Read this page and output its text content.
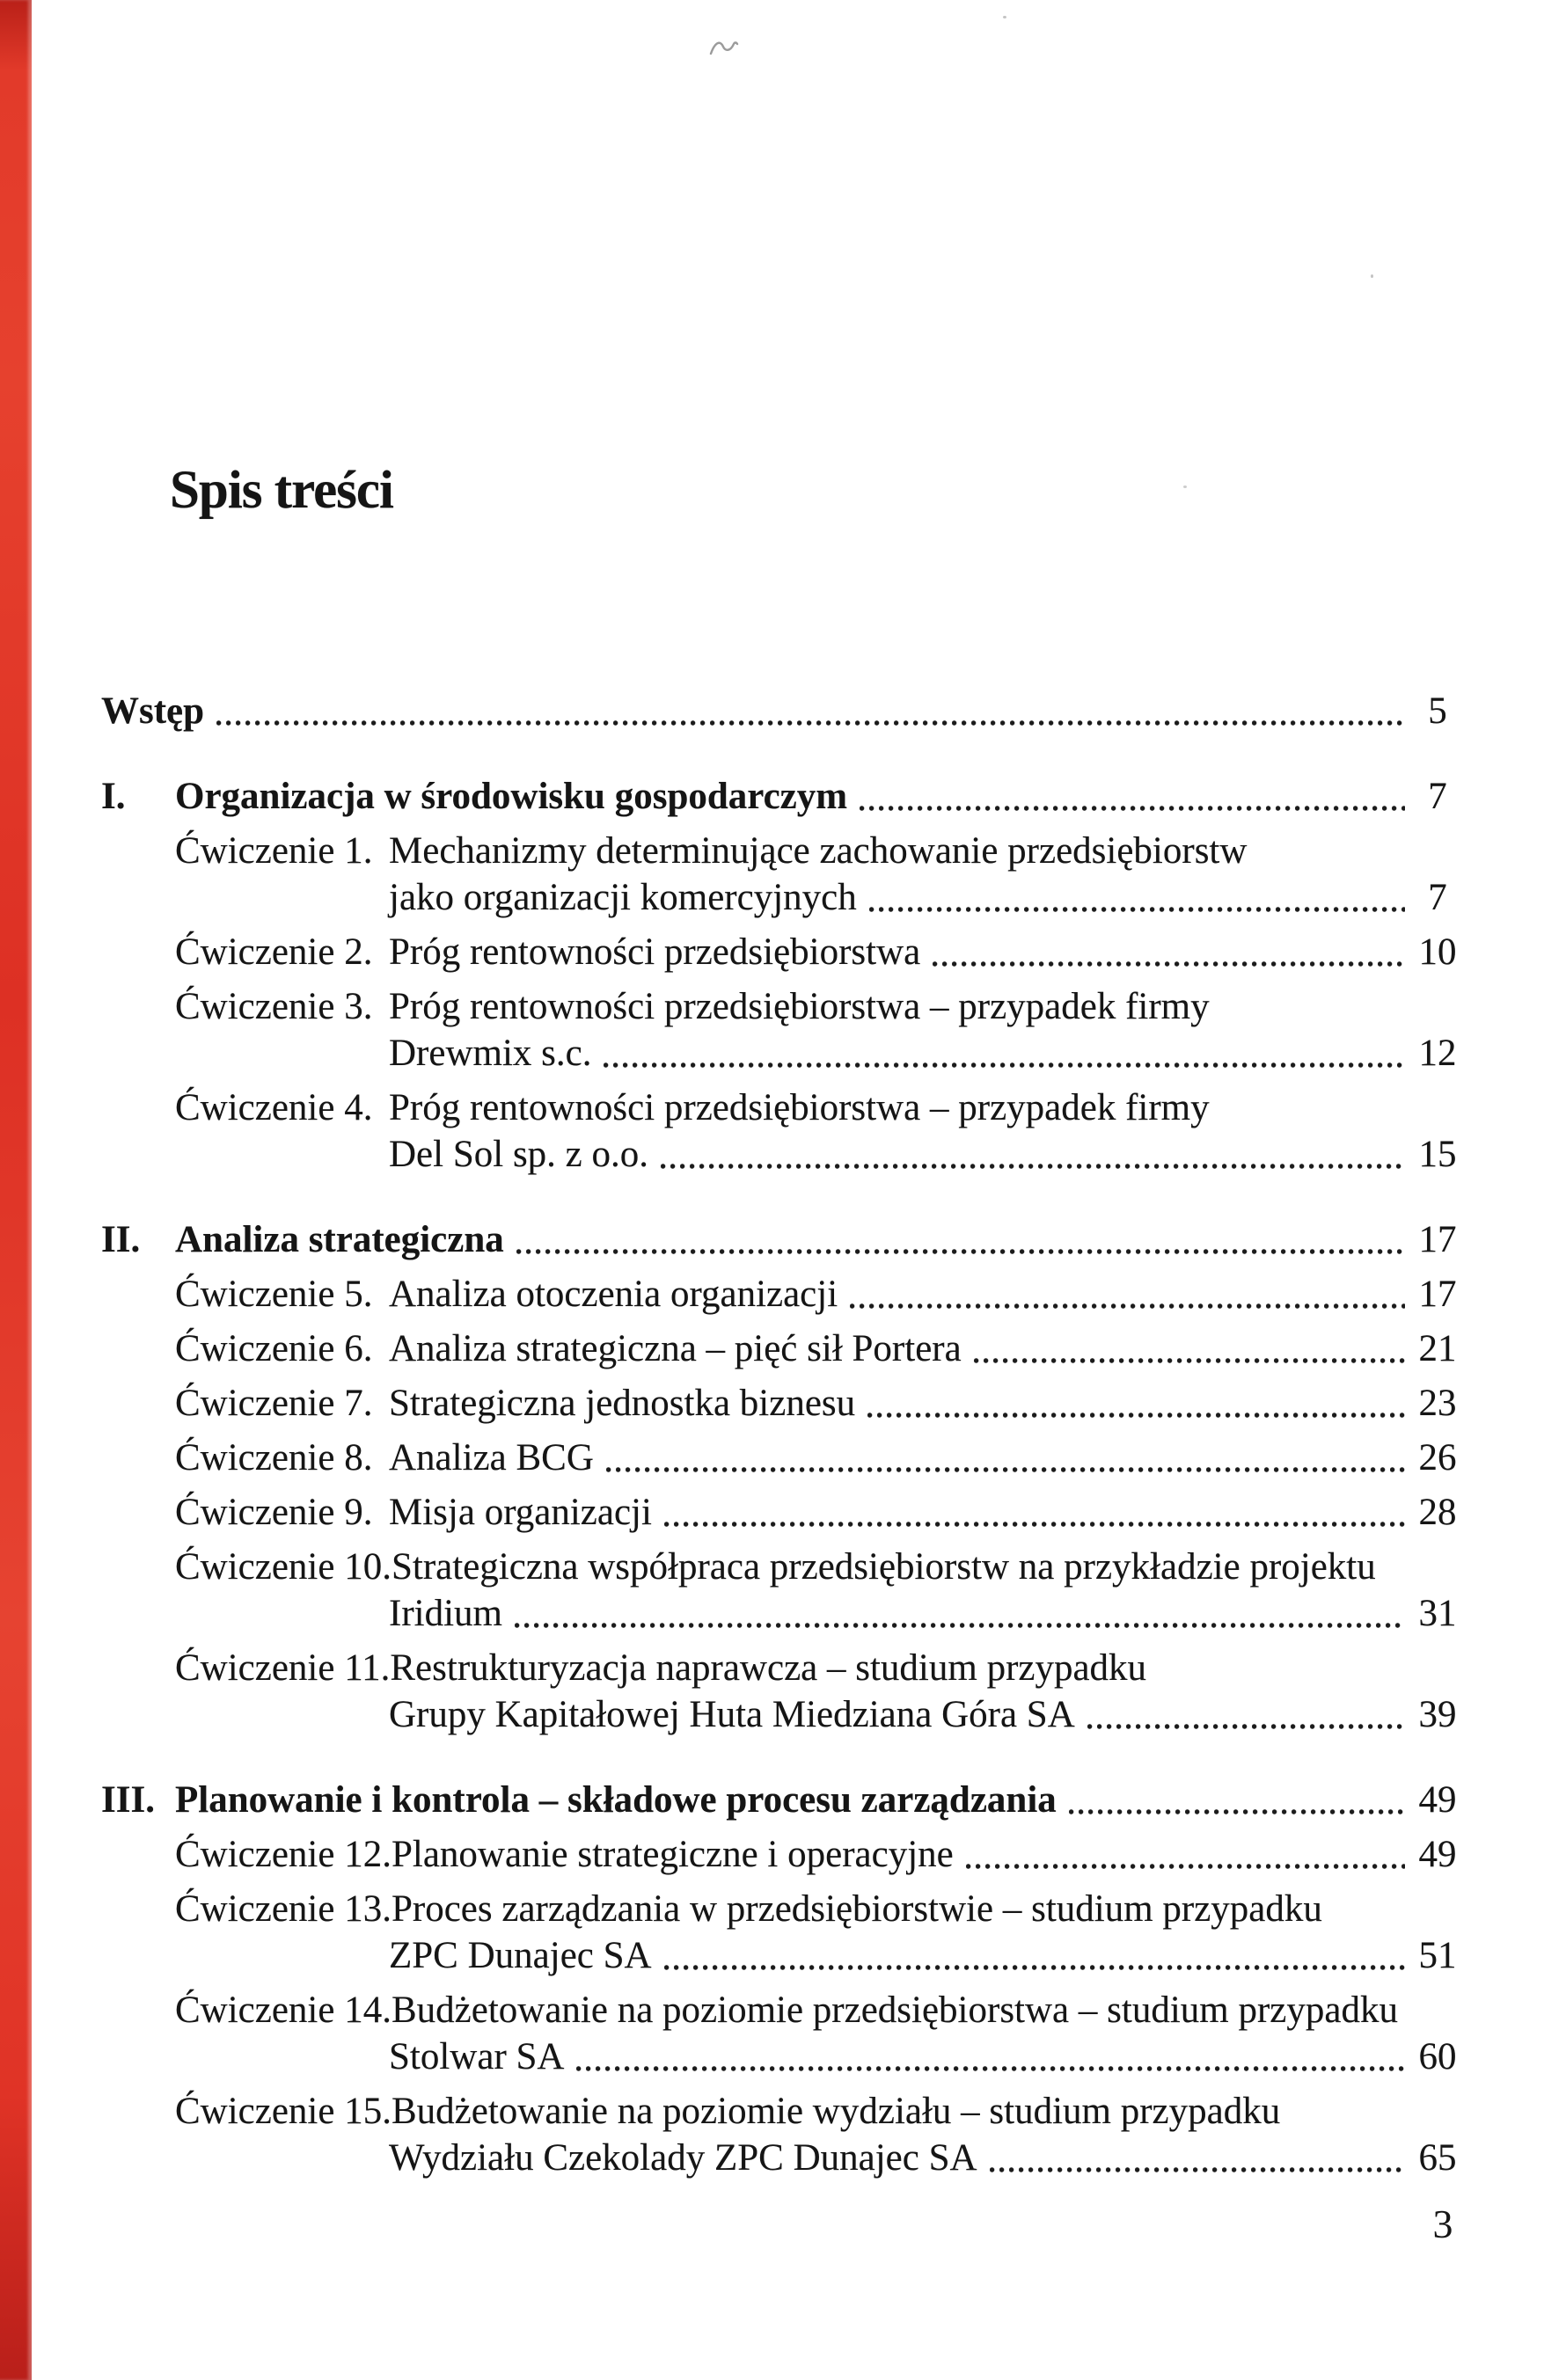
Spis treści
Wstęp	5
I.	Organizacja w środowisku gospodarczym	7
Ćwiczenie 1. Mechanizmy determinujące zachowanie przedsiębiorstw
jako organizacji komercyjnych	7
Ćwiczenie 2. Próg rentowności przedsiębiorstwa	10
Ćwiczenie 3. Próg rentowności przedsiębiorstwa – przypadek firmy
Drewmix s.c.	12
Ćwiczenie 4. Próg rentowności przedsiębiorstwa – przypadek firmy
Del Sol sp. z o.o.	15
II. Analiza strategiczna	17
Ćwiczenie 5. Analiza otoczenia organizacji	17
Ćwiczenie 6. Analiza strategiczna – pięć sił Portera	21
Ćwiczenie 7. Strategiczna jednostka biznesu	23
Ćwiczenie 8. Analiza BCG	26
Ćwiczenie 9. Misja organizacji	28
Ćwiczenie 10. Strategiczna współpraca przedsiębiorstw na przykładzie projektu
Iridium	31
Ćwiczenie 11. Restrukturyzacja naprawcza – studium przypadku
Grupy Kapitałowej Huta Miedziana Góra SA	39
III. Planowanie i kontrola – składowe procesu zarządzania	49
Ćwiczenie 12. Planowanie strategiczne i operacyjne	49
Ćwiczenie 13. Proces zarządzania w przedsiębiorstwie – studium przypadku
ZPC Dunajec SA	51
Ćwiczenie 14. Budżetowanie na poziomie przedsiębiorstwa – studium przypadku
Stolwar SA	60
Ćwiczenie 15. Budżetowanie na poziomie wydziału – studium przypadku
Wydziału Czekolady ZPC Dunajec SA	65
3
